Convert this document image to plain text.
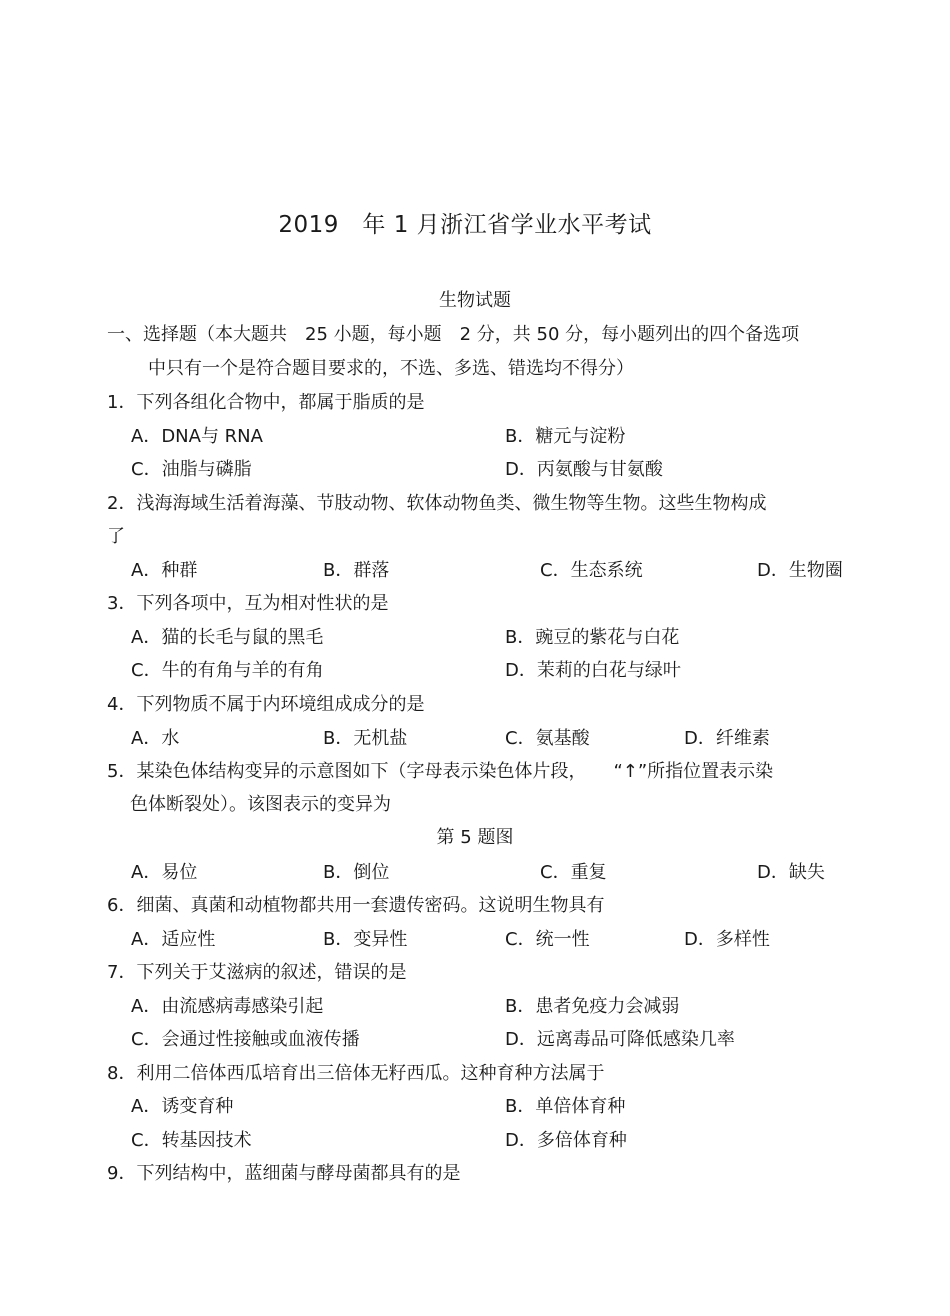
2019　年 1 月浙江省学业水平考试
生物试题
一、选择题（本大题共　25 小题，每小题　2 分，共 50 分，每小题列出的四个备选项
中只有一个是符合题目要求的，不选、多选、错选均不得分）
1．下列各组化合物中，都属于脂质的是
A．DNA与 RNA	B．糖元与淀粉
C．油脂与磷脂	D．丙氨酸与甘氨酸
2．浅海海域生活着海藻、节肢动物、软体动物鱼类、微生物等生物。这些生物构成
了
A．种群	B．群落	C．生态系统	D．生物圈
3．下列各项中，互为相对性状的是
A．猫的长毛与鼠的黑毛	B．豌豆的紫花与白花
C．牛的有角与羊的有角	D．茉莉的白花与绿叶
4．下列物质不属于内环境组成成分的是
A．水	B．无机盐	C．氨基酸	D．纤维素
5．某染色体结构变异的示意图如下（字母表示染色体片段，　　“↑”所指位置表示染
色体断裂处）。该图表示的变异为
第 5 题图
A．易位	B．倒位	C．重复	D．缺失
6．细菌、真菌和动植物都共用一套遗传密码。这说明生物具有
A．适应性	B．变异性	C．统一性	D．多样性
7．下列关于艾滋病的叙述，错误的是
A．由流感病毒感染引起	B．患者免疫力会减弱
C．会通过性接触或血液传播	D．远离毒品可降低感染几率
8．利用二倍体西瓜培育出三倍体无籽西瓜。这种育种方法属于
A．诱变育种	B．单倍体育种
C．转基因技术	D．多倍体育种
9．下列结构中，蓝细菌与酵母菌都具有的是
